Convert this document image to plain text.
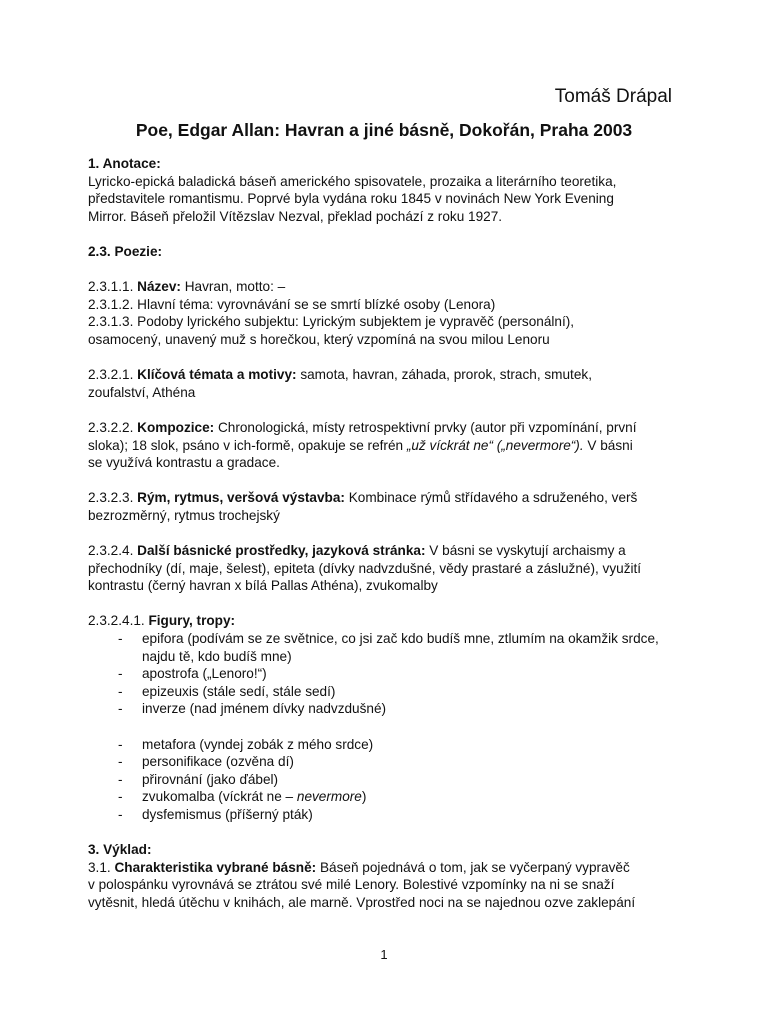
Tomáš Drápal
Poe, Edgar Allan: Havran a jiné básně, Dokořán, Praha 2003

1. Anotace:

Lyricko-epická baladická báseň amerického spisovatele, prozaika a literárního teoretika,

představitele romantismu. Poprvé byla vydána roku 1845 v novinách New York Evening

Mirror. Báseň přeložil Vítězslav Nezval, překlad pochází z roku 1927.

2.3. Poezie:

2.3.1.1. Název: Havran, motto: –

2.3.1.2. Hlavní téma: vyrovnávání se se smrtí blízké osoby (Lenora)

2.3.1.3. Podoby lyrického subjektu: Lyrickým subjektem je vypravěč (personální),

osamocený, unavený muž s horečkou, který vzpomíná na svou milou Lenoru

2.3.2.1. Klíčová témata a motivy: samota, havran, záhada, prorok, strach, smutek,

zoufalství, Athéna

2.3.2.2. Kompozice: Chronologická, místy retrospektivní prvky (autor při vzpomínání, první

sloka); 18 slok, psáno v ich-formě, opakuje se refrén „už víckrát ne“ („nevermore“). V básni

se využívá kontrastu a gradace.

2.3.2.3. Rým, rytmus, veršová výstavba: Kombinace rýmů střídavého a sdruženého, verš

bezrozměrný, rytmus trochejský

2.3.2.4. Další básnické prostředky, jazyková stránka: V básni se vyskytují archaismy a

přechodníky (dí, maje, šelest), epiteta (dívky nadvzdušné, vědy prastaré a záslužné), využití

kontrastu (černý havran x bílá Pallas Athéna), zvukomalby

2.3.2.4.1. Figury, tropy:

- epifora (podívám se ze světnice, co jsi zač kdo budíš mne, ztlumím na okamžik srdce,
najdu tě, kdo budíš mne)
- apostrofa („Lenoro!“)
- epizeuxis (stále sedí, stále sedí)
- inverze (nad jménem dívky nadvzdušné)
- metafora (vyndej zobák z mého srdce)
- personifikace (ozvěna dí)
- přirovnání (jako ďábel)
- zvukomalba (víckrát ne – nevermore)
- dysfemismus (příšerný pták)

3. Výklad:

3.1. Charakteristika vybrané básně: Báseň pojednává o tom, jak se vyčerpaný vypravěč

v polospánku vyrovnává se ztrátou své milé Lenory. Bolestivé vzpomínky na ni se snaží

vytěsnit, hledá útěchu v knihách, ale marně. Vprostřed noci na se najednou ozve zaklepání

1
